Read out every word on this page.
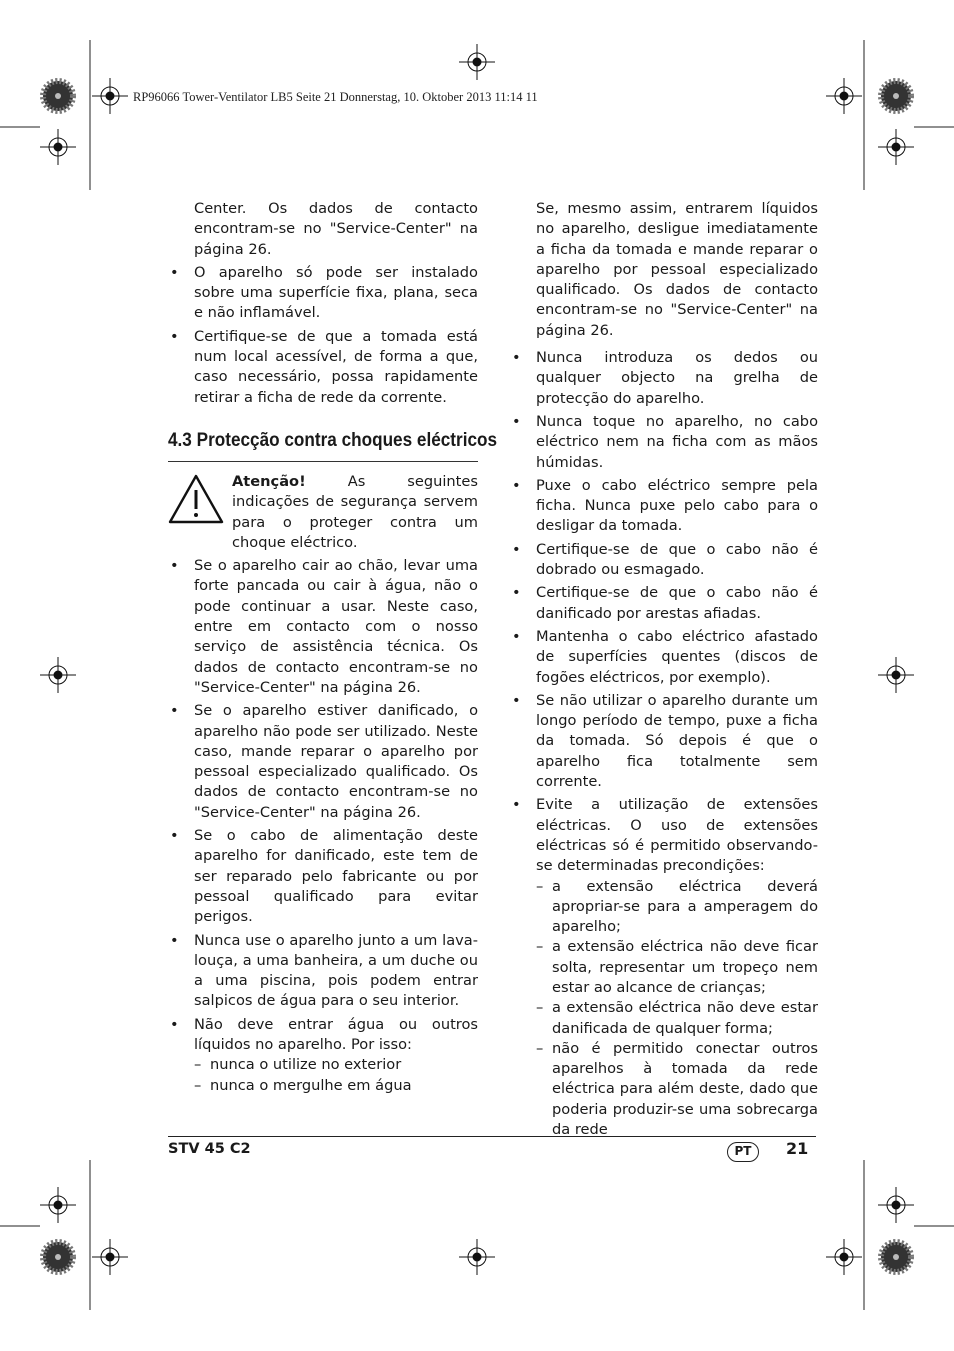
RP96066 Tower-Ventilator LB5 Seite 21 Donnerstag, 10. Oktober 2013 11:14 11
Center. Os dados de contacto encontram-se no "Service-Center" na página 26.
•	O aparelho só pode ser instalado sobre uma superfície fixa, plana, seca e não inflamável.
•	Certifique-se de que a tomada está num local acessível, de forma a que, caso necessário, possa rapidamente retirar a ficha de rede da corrente.
4.3 Protecção contra choques eléctricos
Atenção! As seguintes indicações de segurança servem para o proteger contra um choque eléctrico.
•	Se o aparelho cair ao chão, levar uma forte pancada ou cair à água, não o pode continuar a usar. Neste caso, entre em contacto com o nosso serviço de assistência técnica. Os dados de contacto encontram-se no "Service-Center" na página 26.
•	Se o aparelho estiver danificado, o aparelho não pode ser utilizado. Neste caso, mande reparar o aparelho por pessoal especializado qualificado. Os dados de contacto encontram-se no "Service-Center" na página 26.
•	Se o cabo de alimentação deste aparelho for danificado, este tem de ser reparado pelo fabricante ou por pessoal qualificado para evitar perigos.
•	Nunca use o aparelho junto a um lava-louça, a uma banheira, a um duche ou a uma piscina, pois podem entrar salpicos de água para o seu interior.
•	Não deve entrar água ou outros líquidos no aparelho. Por isso:
– nunca o utilize no exterior
– nunca o mergulhe em água
Se, mesmo assim, entrarem líquidos no aparelho, desligue imediatamente a ficha da tomada e mande reparar o aparelho por pessoal especializado qualificado. Os dados de contacto encontram-se no "Service-Center" na página 26.
•	Nunca introduza os dedos ou qualquer objecto na grelha de protecção do aparelho.
•	Nunca toque no aparelho, no cabo eléctrico nem na ficha com as mãos húmidas.
•	Puxe o cabo eléctrico sempre pela ficha. Nunca puxe pelo cabo para o desligar da tomada.
•	Certifique-se de que o cabo não é dobrado ou esmagado.
•	Certifique-se de que o cabo não é danificado por arestas afiadas.
•	Mantenha o cabo eléctrico afastado de superfícies quentes (discos de fogões eléctricos, por exemplo).
•	Se não utilizar o aparelho durante um longo período de tempo, puxe a ficha da tomada. Só depois é que o aparelho fica totalmente sem corrente.
•	Evite a utilização de extensões eléctricas. O uso de extensões eléctricas só é permitido observando-se determinadas precondições:
– a extensão eléctrica deverá apropriar-se para a amperagem do aparelho;
– a extensão eléctrica não deve ficar solta, representar um tropeço nem estar ao alcance de crianças;
– a extensão eléctrica não deve estar danificada de qualquer forma;
– não é permitido conectar outros aparelhos à tomada da rede eléctrica para além deste, dado que poderia produzir-se uma sobrecarga da rede
STV 45 C2	PT	21
